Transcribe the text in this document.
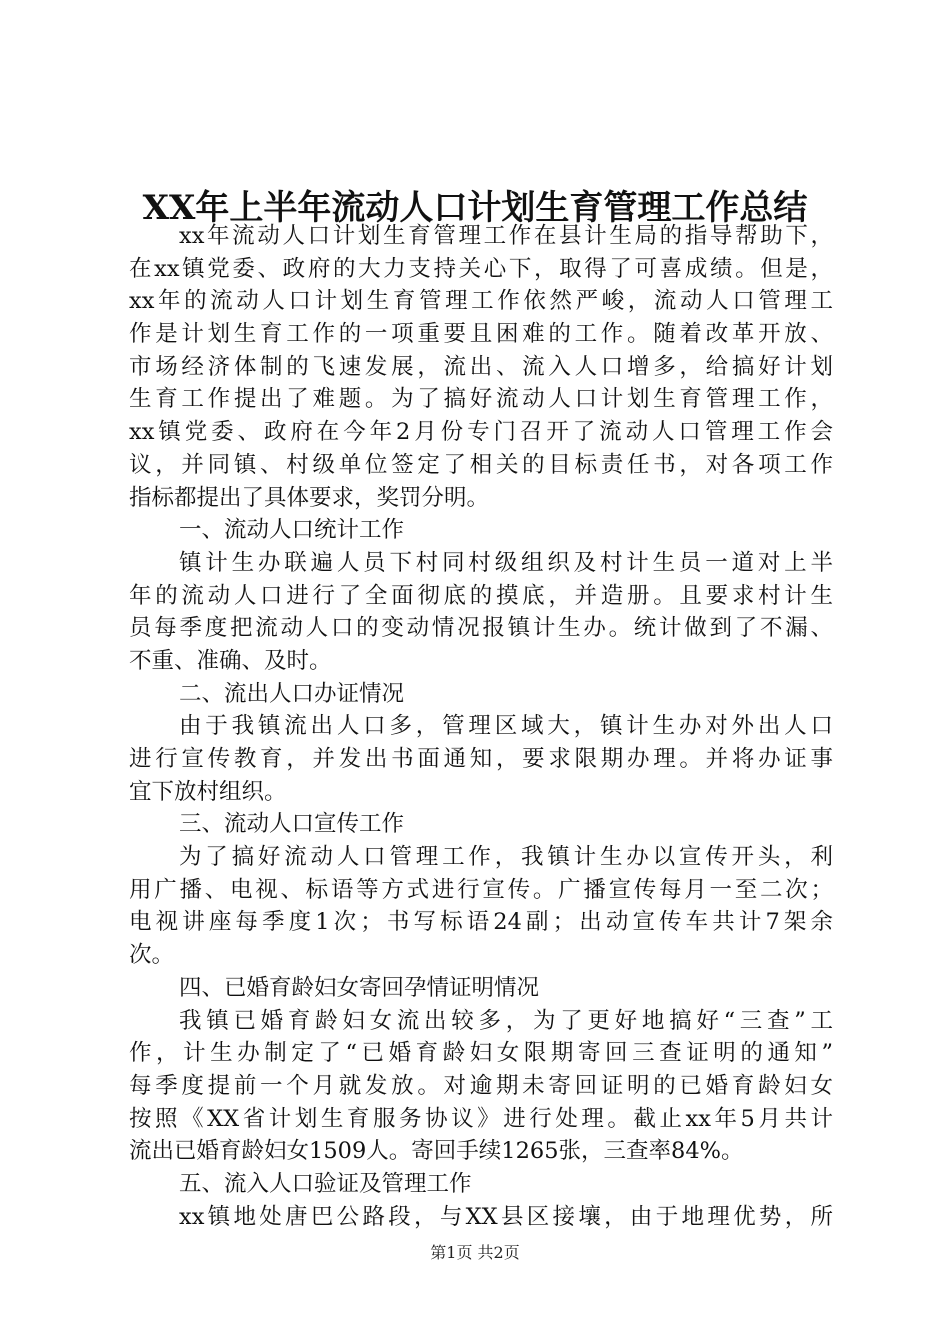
XX年上半年流动人口计划生育管理工作总结
xx年流动人口计划生育管理工作在县计生局的指导帮助下，
在xx镇党委、政府的大力支持关心下，取得了可喜成绩。但是，
xx年的流动人口计划生育管理工作依然严峻，流动人口管理工
作是计划生育工作的一项重要且困难的工作。随着改革开放、
市场经济体制的飞速发展，流出、流入人口增多，给搞好计划
生育工作提出了难题。为了搞好流动人口计划生育管理工作，
xx镇党委、政府在今年2月份专门召开了流动人口管理工作会
议，并同镇、村级单位签定了相关的目标责任书，对各项工作
指标都提出了具体要求，奖罚分明。
一、流动人口统计工作
镇计生办联遍人员下村同村级组织及村计生员一道对上半
年的流动人口进行了全面彻底的摸底，并造册。且要求村计生
员每季度把流动人口的变动情况报镇计生办。统计做到了不漏、
不重、准确、及时。
二、流出人口办证情况
由于我镇流出人口多，管理区域大，镇计生办对外出人口
进行宣传教育，并发出书面通知，要求限期办理。并将办证事
宜下放村组织。
三、流动人口宣传工作
为了搞好流动人口管理工作，我镇计生办以宣传开头，利
用广播、电视、标语等方式进行宣传。广播宣传每月一至二次；
电视讲座每季度1次；书写标语24副；出动宣传车共计7架余
次。
四、已婚育龄妇女寄回孕情证明情况
我镇已婚育龄妇女流出较多，为了更好地搞好“三查”工
作，计生办制定了“已婚育龄妇女限期寄回三查证明的通知”
每季度提前一个月就发放。对逾期未寄回证明的已婚育龄妇女
按照《XX省计划生育服务协议》进行处理。截止xx年5月共计
流出已婚育龄妇女1509人。寄回手续1265张，三查率84%。
五、流入人口验证及管理工作
xx镇地处唐巴公路段，与XX县区接壤，由于地理优势，所
第1页 共2页
